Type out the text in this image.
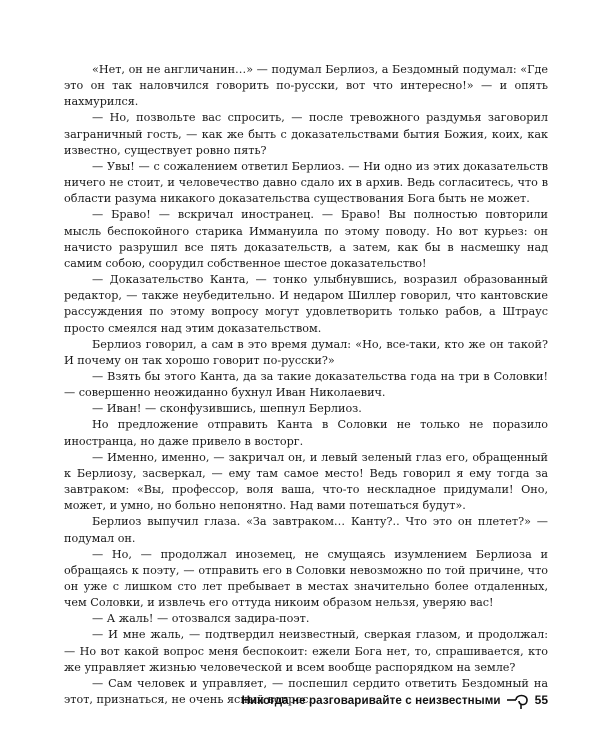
«Нет, он не англичанин…» — подумал Берлиоз, а Бездомный подумал: «Где это он так наловчился говорить по-русски, вот что интересно!» — и опять нахмурился.

— Но, позвольте вас спросить, — после тревожного раздумья заговорил заграничный гость, — как же быть с доказательствами бытия Божия, коих, как известно, существует ровно пять?

— Увы! — с сожалением ответил Берлиоз. — Ни одно из этих доказательств ничего не стоит, и человечество давно сдало их в архив. Ведь согласитесь, что в области разума никакого доказательства существования Бога быть не может.

— Браво! — вскричал иностранец. — Браво! Вы полностью повторили мысль беспокойного старика Иммануила по этому поводу. Но вот курьез: он начисто разрушил все пять доказательств, а затем, как бы в насмешку над самим собою, соорудил собственное шестое доказательство!

— Доказательство Канта, — тонко улыбнувшись, возразил образованный редактор, — также неубедительно. И недаром Шиллер говорил, что кантовские рассуждения по этому вопросу могут удовлетворить только рабов, а Штраус просто смеялся над этим доказательством.

Берлиоз говорил, а сам в это время думал: «Но, все-таки, кто же он такой? И почему он так хорошо говорит по-русски?»

— Взять бы этого Канта, да за такие доказательства года на три в Соловки! — совершенно неожиданно бухнул Иван Николаевич.

— Иван! — сконфузившись, шепнул Берлиоз.

Но предложение отправить Канта в Соловки не только не поразило иностранца, но даже привело в восторг.

— Именно, именно, — закричал он, и левый зеленый глаз его, обращенный к Берлиозу, засверкал, — ему там самое место! Ведь говорил я ему тогда за завтраком: «Вы, профессор, воля ваша, что-то нескладное придумали! Оно, может, и умно, но больно непонятно. Над вами потешаться будут».

Берлиоз выпучил глаза. «За завтраком… Канту?.. Что это он плетет?» — подумал он.

— Но, — продолжал иноземец, не смущаясь изумлением Берлиоза и обращаясь к поэту, — отправить его в Соловки невозможно по той причине, что он уже с лишком сто лет пребывает в местах значительно более отдаленных, чем Соловки, и извлечь его оттуда никоим образом нельзя, уверяю вас!

— А жаль! — отозвался задира-поэт.

— И мне жаль, — подтвердил неизвестный, сверкая глазом, и продолжал: — Но вот какой вопрос меня беспокоит: ежели Бога нет, то, спрашивается, кто же управляет жизнью человеческой и всем вообще распорядком на земле?

— Сам человек и управляет, — поспешил сердито ответить Бездомный на этот, признаться, не очень ясный вопрос.

Никогда не разговаривайте с неизвестными	55
